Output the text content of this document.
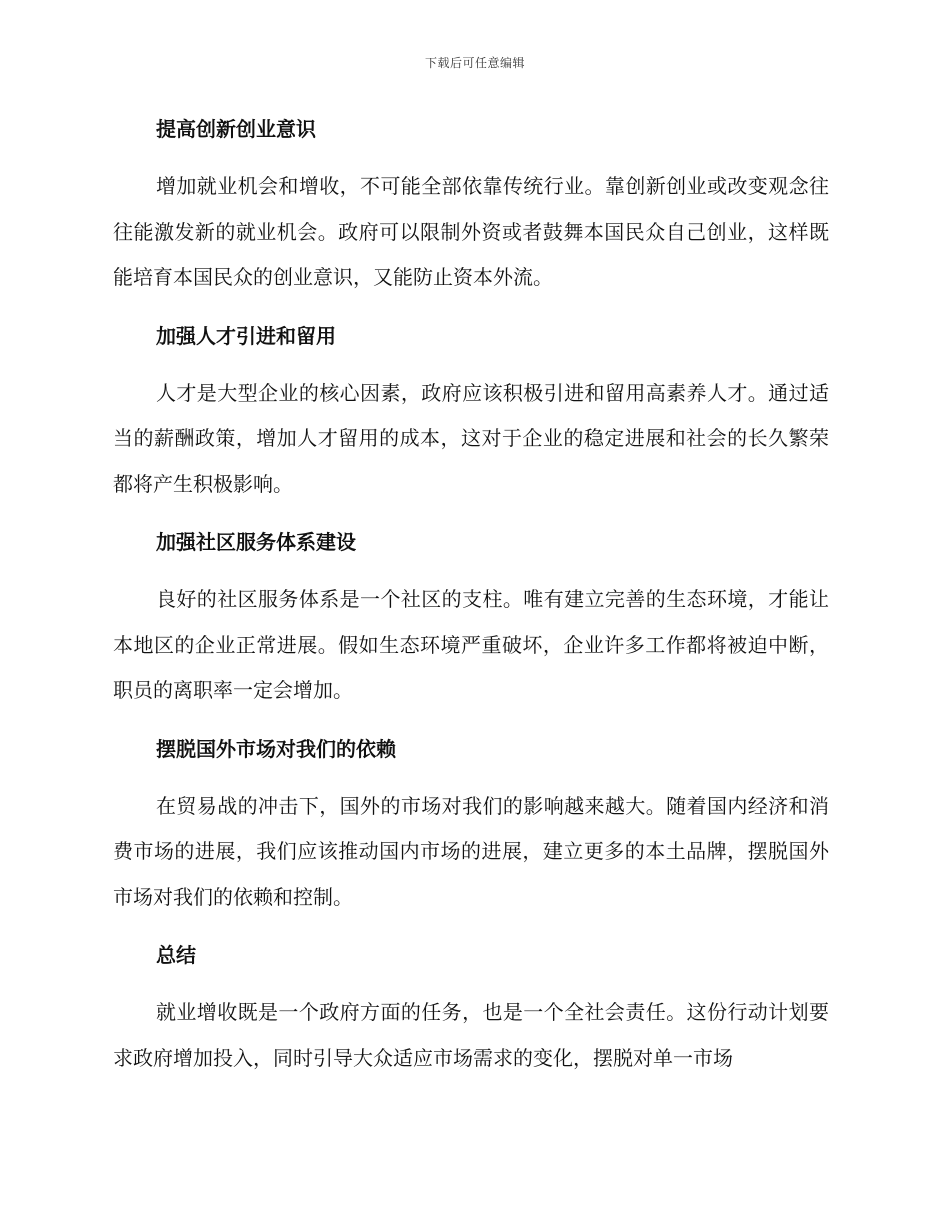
下载后可任意编辑
提高创新创业意识

增加就业机会和增收，不可能全部依靠传统行业。靠创新创业或改变观念往往能激发新的就业机会。政府可以限制外资或者鼓舞本国民众自己创业，这样既能培育本国民众的创业意识，又能防止资本外流。

加强人才引进和留用

人才是大型企业的核心因素，政府应该积极引进和留用高素养人才。通过适当的薪酬政策，增加人才留用的成本，这对于企业的稳定进展和社会的长久繁荣都将产生积极影响。

加强社区服务体系建设

良好的社区服务体系是一个社区的支柱。唯有建立完善的生态环境，才能让本地区的企业正常进展。假如生态环境严重破坏，企业许多工作都将被迫中断，职员的离职率一定会增加。

摆脱国外市场对我们的依赖

在贸易战的冲击下，国外的市场对我们的影响越来越大。随着国内经济和消费市场的进展，我们应该推动国内市场的进展，建立更多的本土品牌，摆脱国外市场对我们的依赖和控制。

总结

就业增收既是一个政府方面的任务，也是一个全社会责任。这份行动计划要求政府增加投入，同时引导大众适应市场需求的变化，摆脱对单一市场
